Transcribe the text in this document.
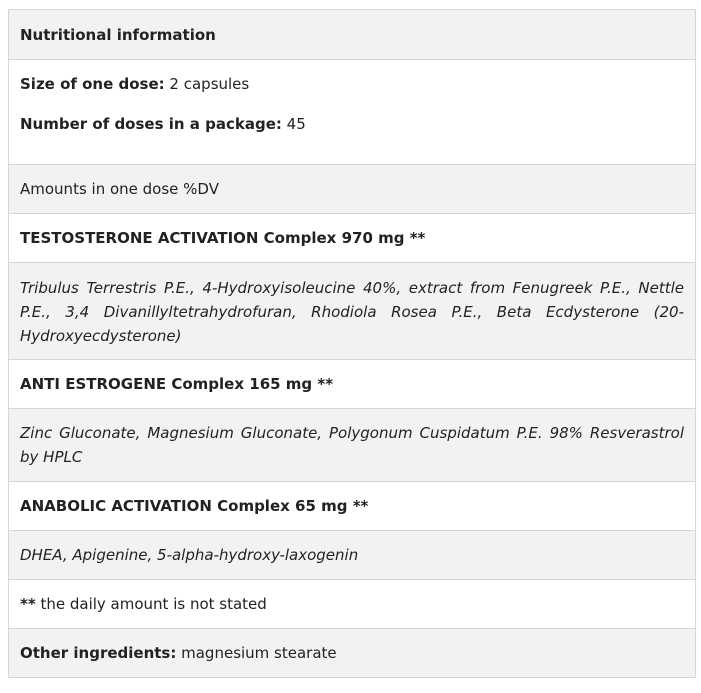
Nutritional information

Size of one dose: 2 capsules

Number of doses in a package: 45

Amounts in one dose %DV
TESTOSTERONE ACTIVATION Complex 970 mg **
Tribulus Terrestris P.E., 4-Hydroxyisoleucine 40%, extract from Fenugreek P.E., Nettle P.E., 3,4 Divanillyltetrahydrofuran, Rhodiola Rosea P.E., Beta Ecdysterone (20-Hydroxyecdysterone)
ANTI ESTROGENE Complex 165 mg **
Zinc Gluconate, Magnesium Gluconate, Polygonum Cuspidatum P.E. 98% Resverastrol by HPLC
ANABOLIC ACTIVATION Complex 65 mg **
DHEA, Apigenine, 5-alpha-hydroxy-laxogenin
** the daily amount is not stated
Other ingredients: magnesium stearate
